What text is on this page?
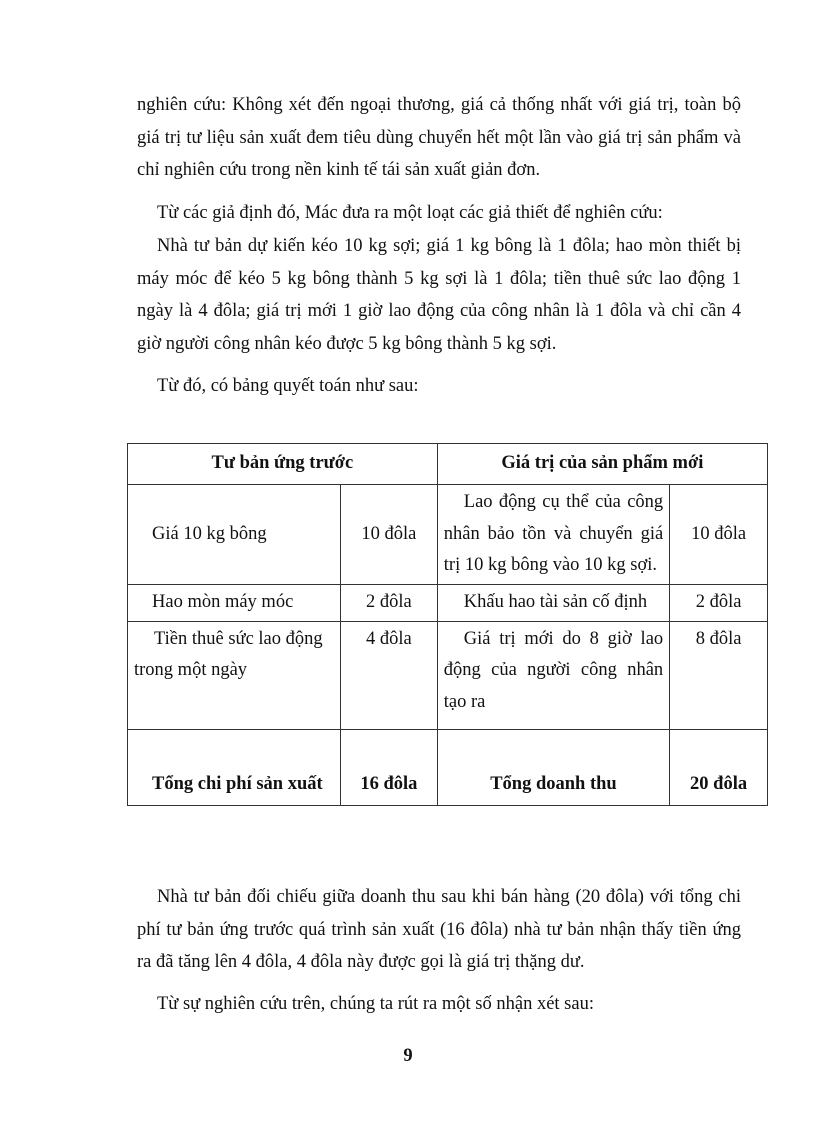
nghiên cứu: Không xét đến ngoại thương, giá cả thống nhất với giá trị, toàn bộ giá trị tư liệu sản xuất đem tiêu dùng chuyển hết một lần vào giá trị sản phẩm và chỉ nghiên cứu trong nền kinh tế tái sản xuất giản đơn.

Từ các giả định đó, Mác đưa ra một loạt các giả thiết để nghiên cứu:

Nhà tư bản dự kiến kéo 10 kg sợi; giá 1 kg bông là 1 đôla; hao mòn thiết bị máy móc để kéo 5 kg bông thành 5 kg sợi là 1 đôla; tiền thuê sức lao động 1 ngày là 4 đôla; giá trị mới 1 giờ lao động của công nhân là 1 đôla và chỉ cần 4 giờ người công nhân kéo được 5 kg bông thành 5 kg sợi.

Từ đó, có bảng quyết toán như sau:

Tư bản ứng trước		Giá trị của sản phẩm mới	
Giá 10 kg bông	10 đôla	Lao động cụ thể của công nhân bảo tồn và chuyển giá trị 10 kg bông vào 10 kg sợi.	10 đôla
Hao mòn máy móc	2 đôla	Khấu hao tài sản cố định	2 đôla
Tiền thuê sức lao động trong một ngày	4 đôla	Giá trị mới do 8 giờ lao động của người công nhân tạo ra	8 đôla
Tổng chi phí sản xuất	16 đôla	Tổng doanh thu	20 đôla

Nhà tư bản đối chiếu giữa doanh thu sau khi bán hàng (20 đôla) với tổng chi phí tư bản ứng trước quá trình sản xuất (16 đôla) nhà tư bản nhận thấy tiền ứng ra đã tăng lên 4 đôla, 4 đôla này được gọi là giá trị thặng dư.

Từ sự nghiên cứu trên, chúng ta rút ra một số nhận xét sau:

9
